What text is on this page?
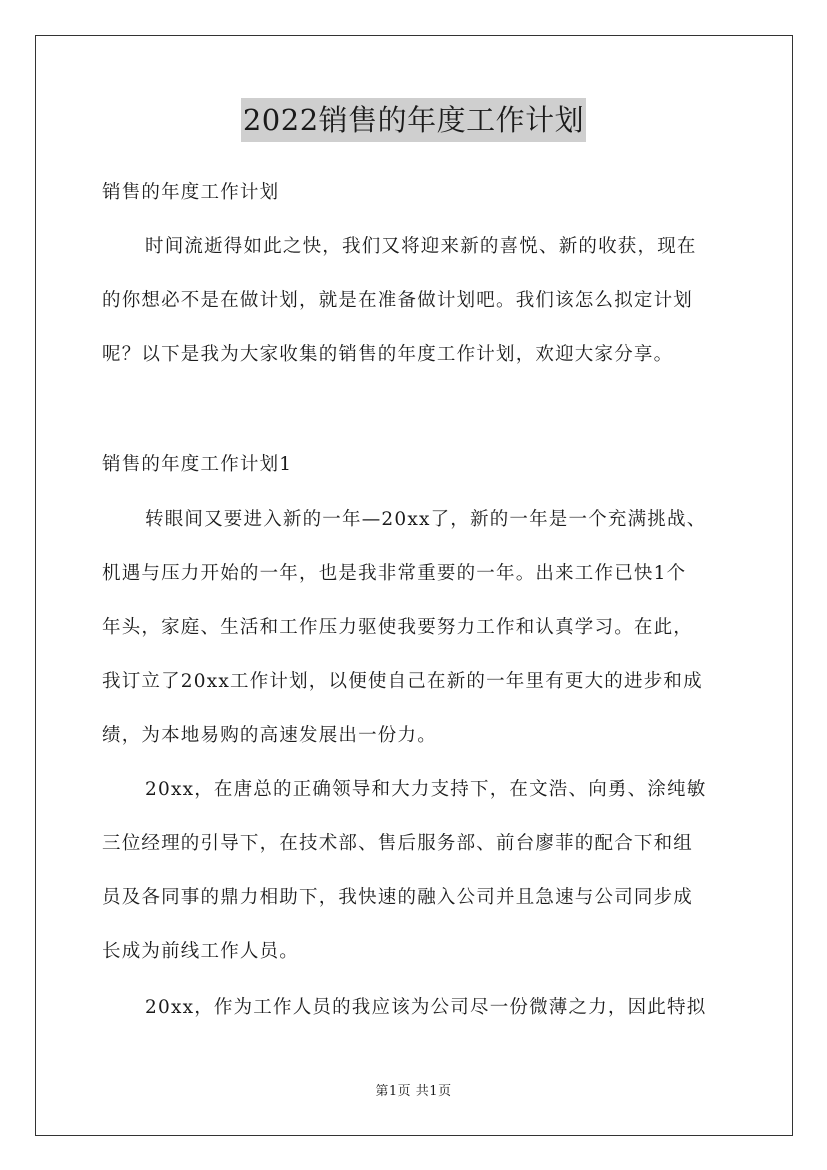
2022销售的年度工作计划
销售的年度工作计划
时间流逝得如此之快，我们又将迎来新的喜悦、新的收获，现在
的你想必不是在做计划，就是在准备做计划吧。我们该怎么拟定计划
呢？以下是我为大家收集的销售的年度工作计划，欢迎大家分享。
销售的年度工作计划1
转眼间又要进入新的一年—20xx了，新的一年是一个充满挑战、
机遇与压力开始的一年，也是我非常重要的一年。出来工作已快1个
年头，家庭、生活和工作压力驱使我要努力工作和认真学习。在此，
我订立了20xx工作计划，以便使自己在新的一年里有更大的进步和成
绩，为本地易购的高速发展出一份力。
20xx，在唐总的正确领导和大力支持下，在文浩、向勇、涂纯敏
三位经理的引导下，在技术部、售后服务部、前台廖菲的配合下和组
员及各同事的鼎力相助下，我快速的融入公司并且急速与公司同步成
长成为前线工作人员。
20xx，作为工作人员的我应该为公司尽一份微薄之力，因此特拟
第1页 共1页
